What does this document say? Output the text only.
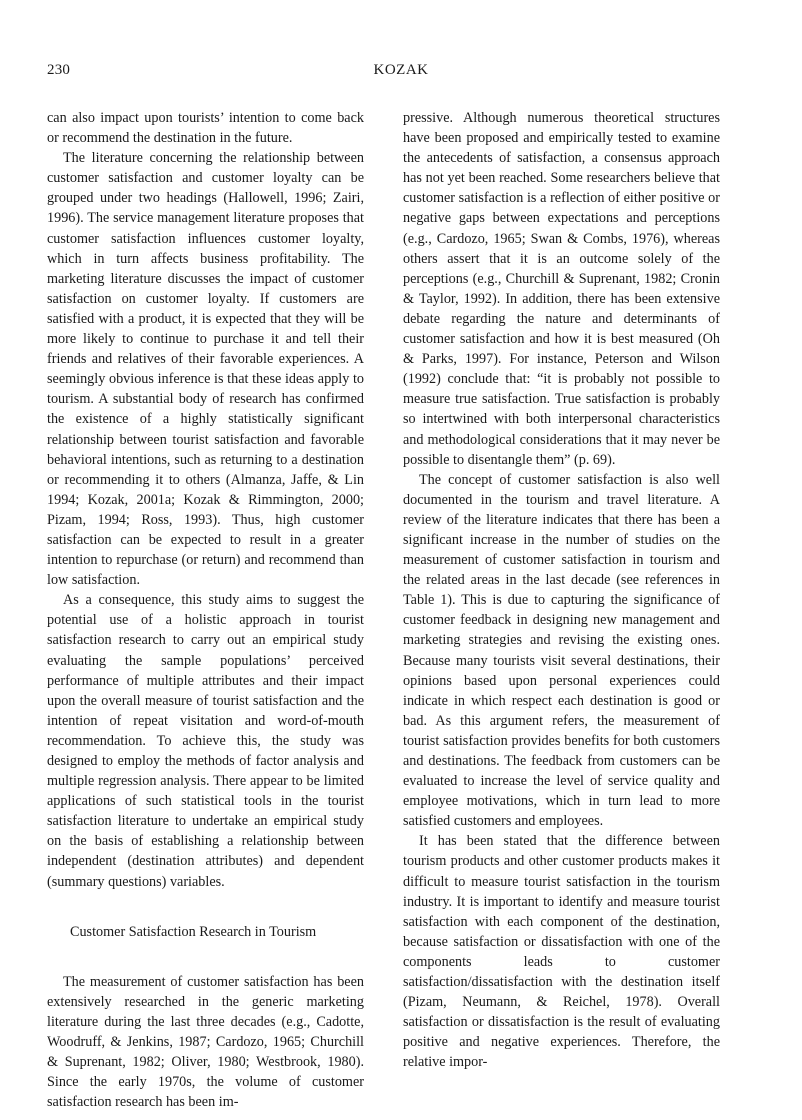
230	KOZAK

can also impact upon tourists’ intention to come back or recommend the destination in the future.

The literature concerning the relationship between customer satisfaction and customer loyalty can be grouped under two headings (Hallowell, 1996; Zairi, 1996). The service management literature proposes that customer satisfaction influences customer loyalty, which in turn affects business profitability. The marketing literature discusses the impact of customer satisfaction on customer loyalty. If customers are satisfied with a product, it is expected that they will be more likely to continue to purchase it and tell their friends and relatives of their favorable experiences. A seemingly obvious inference is that these ideas apply to tourism. A substantial body of research has confirmed the existence of a highly statistically significant relationship between tourist satisfaction and favorable behavioral intentions, such as returning to a destination or recommending it to others (Almanza, Jaffe, & Lin 1994; Kozak, 2001a; Kozak & Rimmington, 2000; Pizam, 1994; Ross, 1993). Thus, high customer satisfaction can be expected to result in a greater intention to repurchase (or return) and recommend than low satisfaction.

As a consequence, this study aims to suggest the potential use of a holistic approach in tourist satisfaction research to carry out an empirical study evaluating the sample populations’ perceived performance of multiple attributes and their impact upon the overall measure of tourist satisfaction and the intention of repeat visitation and word-of-mouth recommendation. To achieve this, the study was designed to employ the methods of factor analysis and multiple regression analysis. There appear to be limited applications of such statistical tools in the tourist satisfaction literature to undertake an empirical study on the basis of establishing a relationship between independent (destination attributes) and dependent (summary questions) variables.

Customer Satisfaction Research in Tourism

The measurement of customer satisfaction has been extensively researched in the generic marketing literature during the last three decades (e.g., Cadotte, Woodruff, & Jenkins, 1987; Cardozo, 1965; Churchill & Suprenant, 1982; Oliver, 1980; Westbrook, 1980). Since the early 1970s, the volume of customer satisfaction research has been im-

pressive. Although numerous theoretical structures have been proposed and empirically tested to examine the antecedents of satisfaction, a consensus approach has not yet been reached. Some researchers believe that customer satisfaction is a reflection of either positive or negative gaps between expectations and perceptions (e.g., Cardozo, 1965; Swan & Combs, 1976), whereas others assert that it is an outcome solely of the perceptions (e.g., Churchill & Suprenant, 1982; Cronin & Taylor, 1992). In addition, there has been extensive debate regarding the nature and determinants of customer satisfaction and how it is best measured (Oh & Parks, 1997). For instance, Peterson and Wilson (1992) conclude that: “it is probably not possible to measure true satisfaction. True satisfaction is probably so intertwined with both interpersonal characteristics and methodological considerations that it may never be possible to disentangle them” (p. 69).

The concept of customer satisfaction is also well documented in the tourism and travel literature. A review of the literature indicates that there has been a significant increase in the number of studies on the measurement of customer satisfaction in tourism and the related areas in the last decade (see references in Table 1). This is due to capturing the significance of customer feedback in designing new management and marketing strategies and revising the existing ones. Because many tourists visit several destinations, their opinions based upon personal experiences could indicate in which respect each destination is good or bad. As this argument refers, the measurement of tourist satisfaction provides benefits for both customers and destinations. The feedback from customers can be evaluated to increase the level of service quality and employee motivations, which in turn lead to more satisfied customers and employees.

It has been stated that the difference between tourism products and other customer products makes it difficult to measure tourist satisfaction in the tourism industry. It is important to identify and measure tourist satisfaction with each component of the destination, because satisfaction or dissatisfaction with one of the components leads to customer satisfaction/dissatisfaction with the destination itself (Pizam, Neumann, & Reichel, 1978). Overall satisfaction or dissatisfaction is the result of evaluating positive and negative experiences. Therefore, the relative impor-
